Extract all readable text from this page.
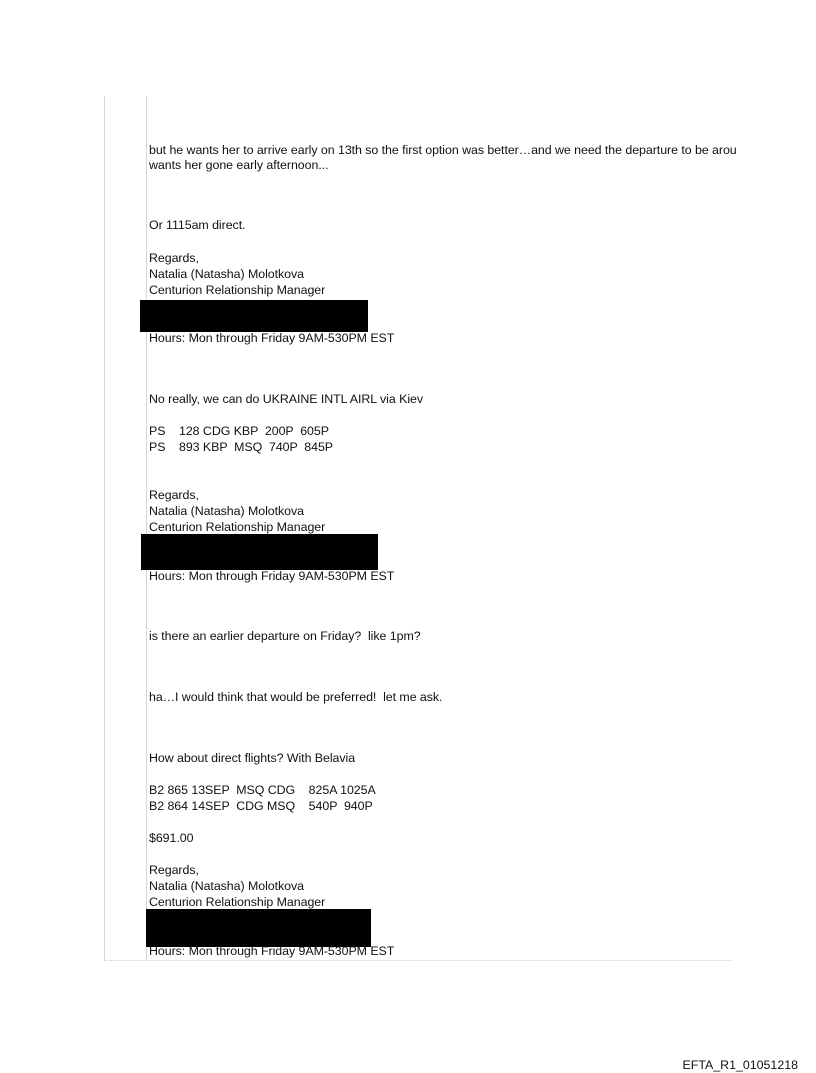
but he wants her to arrive early on 13th so the first option was better…and we need the departure to be arou
wants her gone early afternoon...
Or 1115am direct.
Regards,
Natalia (Natasha) Molotkova
Centurion Relationship Manager
Hours: Mon through Friday 9AM-530PM EST
No really, we can do UKRAINE INTL AIRL via Kiev
PS    128 CDG KBP  200P  605P
PS    893 KBP  MSQ  740P  845P
Regards,
Natalia (Natasha) Molotkova
Centurion Relationship Manager
Hours: Mon through Friday 9AM-530PM EST
is there an earlier departure on Friday?  like 1pm?
ha…I would think that would be preferred!  let me ask.
How about direct flights? With Belavia
B2 865 13SEP  MSQ CDG    825A 1025A
B2 864 14SEP  CDG MSQ    540P  940P
$691.00
Regards,
Natalia (Natasha) Molotkova
Centurion Relationship Manager
Hours: Mon through Friday 9AM-530PM EST
EFTA_R1_01051218
